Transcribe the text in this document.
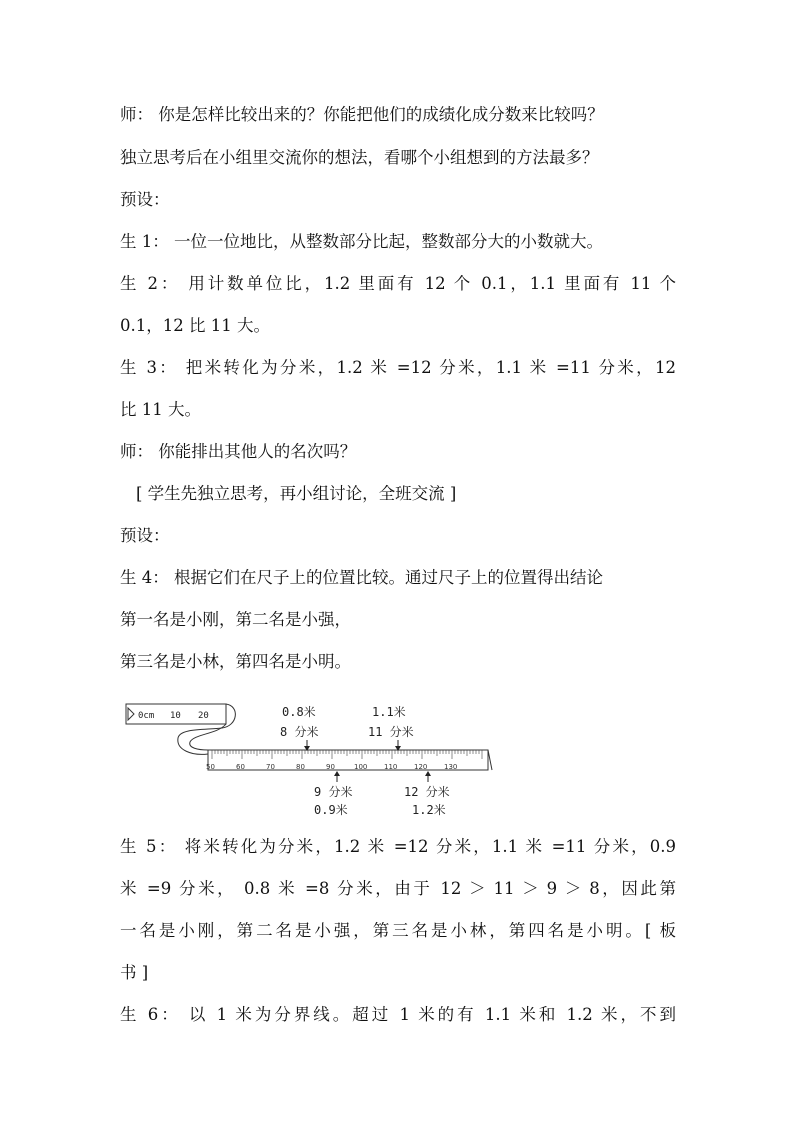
师： 你是怎样比较出来的？你能把他们的成绩化成分数来比较吗？
独立思考后在小组里交流你的想法，看哪个小组想到的方法最多？
预设：
生 1： 一位一位地比，从整数部分比起，整数部分大的小数就大。
生 2： 用计数单位比，1.2 里面有 12 个 0.1，1.1 里面有 11 个
0.1，12 比 11 大。
生 3： 把米转化为分米，1.2 米 =12 分米，1.1 米 =11 分米，12
比 11 大。
师： 你能排出其他人的名次吗？
[ 学生先独立思考，再小组讨论，全班交流 ]
预设：
生 4： 根据它们在尺子上的位置比较。通过尺子上的位置得出结论
第一名是小刚，第二名是小强，
第三名是小林，第四名是小明。
0cm 10 20
50	60	70	80	90	100 110 120 130
0.8米
8 分米
1.1米
11 分米
9 分米
0.9米
12 分米
1.2米
生 5： 将米转化为分米，1.2 米 =12 分米，1.1 米 =11 分米，0.9
米 =9 分米， 0.8 米 =8 分米，由于 12 ＞ 11 ＞ 9 ＞ 8，因此第
一名是小刚，第二名是小强，第三名是小林，第四名是小明。[ 板
书 ]
生 6： 以 1 米为分界线。超过 1 米的有 1.1 米和 1.2 米，不到
